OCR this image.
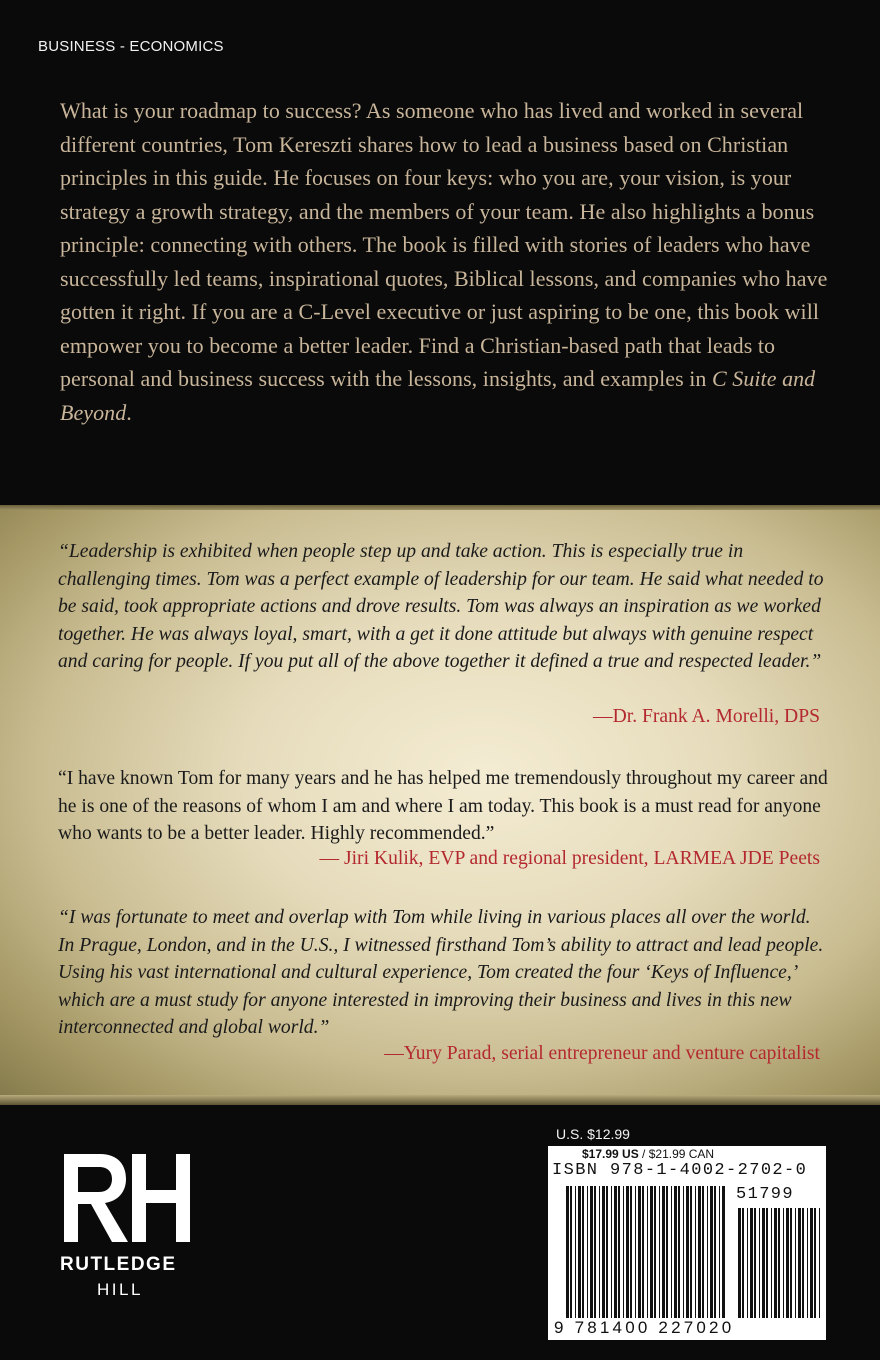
BUSINESS - ECONOMICS

What is your roadmap to success? As someone who has lived and worked in several different countries, Tom Kereszti shares how to lead a business based on Christian principles in this guide. He focuses on four keys: who you are, your vision, is your strategy a growth strategy, and the members of your team. He also highlights a bonus principle: connecting with others. The book is filled with stories of leaders who have successfully led teams, inspirational quotes, Biblical lessons, and companies who have gotten it right. If you are a C-Level executive or just aspiring to be one, this book will empower you to become a better leader. Find a Christian-based path that leads to personal and business success with the lessons, insights, and examples in C Suite and Beyond.

“Leadership is exhibited when people step up and take action. This is especially true in challenging times. Tom was a perfect example of leadership for our team. He said what needed to be said, took appropriate actions and drove results. Tom was always an inspiration as we worked together. He was always loyal, smart, with a get it done attitude but always with genuine respect and caring for people. If you put all of the above together it defined a true and respected leader.”

—Dr. Frank A. Morelli, DPS

“I have known Tom for many years and he has helped me tremendously throughout my career and he is one of the reasons of whom I am and where I am today. This book is a must read for anyone who wants to be a better leader. Highly recommended.”

— Jiri Kulik, EVP and regional president, LARMEA JDE Peets

“I was fortunate to meet and overlap with Tom while living in various places all over the world. In Prague, London, and in the U.S., I witnessed firsthand Tom’s ability to attract and lead people. Using his vast international and cultural experience, Tom created the four ‘Keys of Influence,’ which are a must study for anyone interested in improving their business and lives in this new interconnected and global world.”

—Yury Parad, serial entrepreneur and venture capitalist
RUTLEDGE
HILL
U.S. $12.99
$17.99 US / $21.99 CAN
ISBN 978-1-4002-2702-0
51799
9 781400 227020
